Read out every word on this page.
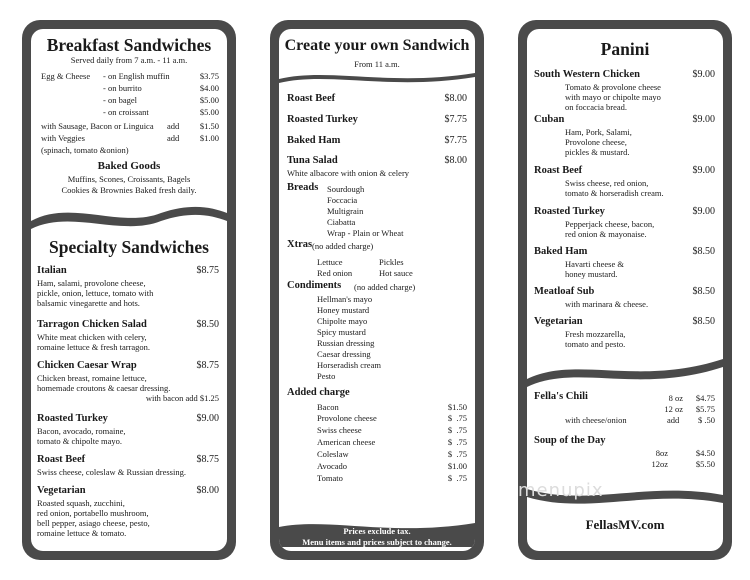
Breakfast Sandwiches
Served daily from 7 a.m. - 11 a.m.
Egg & Cheese - on English muffin	$3.75
- on burrito	$4.00
- on bagel	$5.00
- on croissant	$5.00
with Sausage, Bacon or Linguica add $1.50
with Veggies	add $1.00
(spinach, tomato &onion)
Baked Goods
Muffins, Scones, Croissants, Bagels
Cookies & Brownies Baked fresh daily.
Specialty Sandwiches
Italian	$8.75
Ham, salami, provolone cheese,
pickle, onion, lettuce, tomato with
balsamic vinegarette and hots.
Tarragon Chicken Salad	$8.50
White meat chicken with celery,
romaine lettuce & fresh tarragon.
Chicken Caesar Wrap	$8.75
Chicken breast, romaine lettuce,
homemade croutons & caesar dressing.
with bacon add $1.25
Roasted Turkey	$9.00
Bacon, avocado, romaine,
tomato & chipolte mayo.
Roast Beef	$8.75
Swiss cheese, coleslaw & Russian dressing.
Vegetarian	$8.00
Roasted squash, zucchini,
red onion, portabello mushroom,
bell pepper, asiago cheese, pesto,
romaine lettuce & tomato.
Create your own Sandwich
From 11 a.m.
Roast Beef	$8.00
Roasted Turkey	$7.75
Baked Ham	$7.75
Tuna Salad	$8.00
White albacore with onion & celery
Breads Sourdough
Foccacia
Multigrain
Ciabatta
Wrap - Plain or Wheat
Xtras (no added charge)
Lettuce
Red onion
Pickles
Hot sauce
Condiments (no added charge)
Hellman's mayo
Honey mustard
Chipolte mayo
Spicy mustard
Russian dressing
Caesar dressing
Horseradish cream
Pesto
Added charge
Bacon	$1.50
Provolone cheese	$  .75
Swiss cheese	$  .75
American cheese	$  .75
Coleslaw	$  .75
Avocado	$1.00
Tomato	$  .75
Prices exclude tax.
Menu items and prices subject to change.
Panini
South Western Chicken	$9.00
Tomato & provolone cheese
with mayo or chipolte mayo
on foccacia bread.
Cuban	$9.00
Ham, Pork, Salami,
Provolone cheese,
pickles & mustard.
Roast Beef	$9.00
Swiss cheese, red onion,
tomato & horseradish cream.
Roasted Turkey	$9.00
Pepperjack cheese, bacon,
red onion & mayonaise.
Baked Ham	$8.50
Havarti cheese &
honey mustard.
Meatloaf Sub	$8.50
with marinara & cheese.
Vegetarian	$8.50
Fresh mozzarella,
tomato and pesto.
Fella's Chili	8 oz $4.75
12 oz $5.75
with cheese/onion	add $ .50
Soup of the Day
8oz	$4.50
12oz	$5.50
FellasMV.com
menupix
